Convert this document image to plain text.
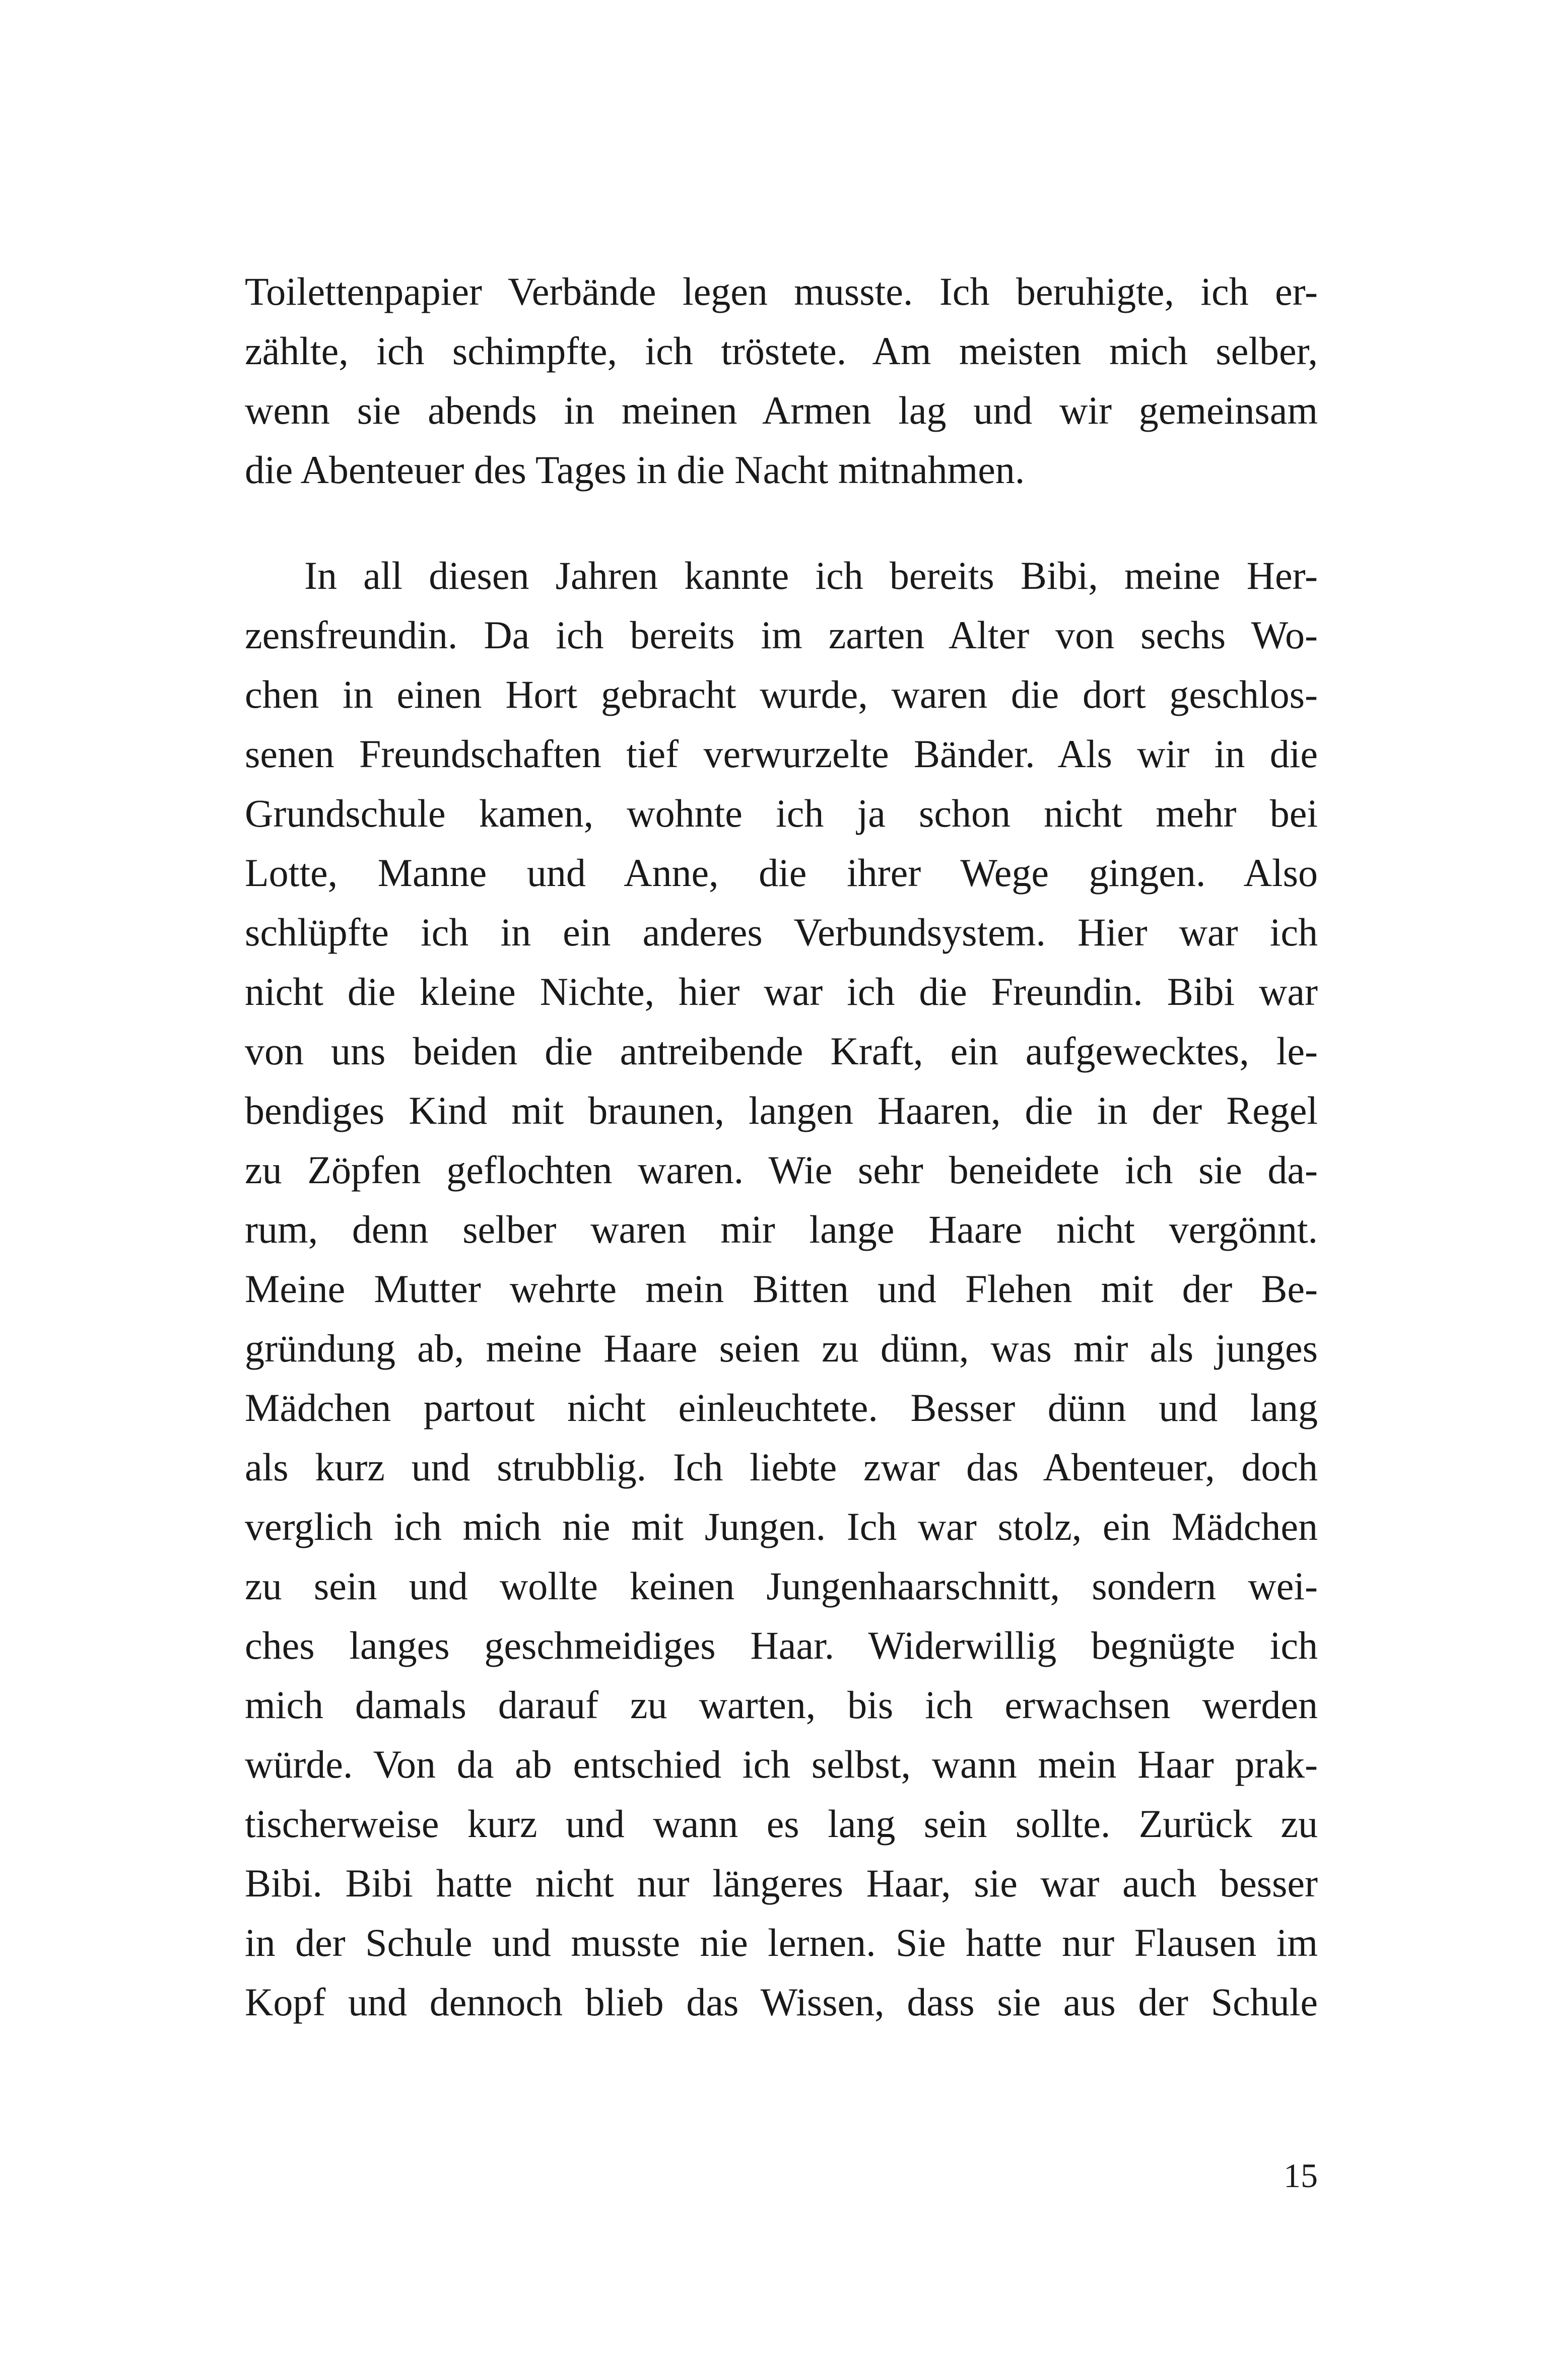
Toilettenpapier Verbände legen musste. Ich beruhigte, ich er-
zählte, ich schimpfte, ich tröstete. Am meisten mich selber,
wenn sie abends in meinen Armen lag und wir gemeinsam
die Abenteuer des Tages in die Nacht mitnahmen.
In all diesen Jahren kannte ich bereits Bibi, meine Her-
zensfreundin. Da ich bereits im zarten Alter von sechs Wo-
chen in einen Hort gebracht wurde, waren die dort geschlos-
senen Freundschaften tief verwurzelte Bänder. Als wir in die
Grundschule kamen, wohnte ich ja schon nicht mehr bei
Lotte, Manne und Anne, die ihrer Wege gingen. Also
schlüpfte ich in ein anderes Verbundsystem. Hier war ich
nicht die kleine Nichte, hier war ich die Freundin. Bibi war
von uns beiden die antreibende Kraft, ein aufgewecktes, le-
bendiges Kind mit braunen, langen Haaren, die in der Regel
zu Zöpfen geflochten waren. Wie sehr beneidete ich sie da-
rum, denn selber waren mir lange Haare nicht vergönnt.
Meine Mutter wehrte mein Bitten und Flehen mit der Be-
gründung ab, meine Haare seien zu dünn, was mir als junges
Mädchen partout nicht einleuchtete. Besser dünn und lang
als kurz und strubblig. Ich liebte zwar das Abenteuer, doch
verglich ich mich nie mit Jungen. Ich war stolz, ein Mädchen
zu sein und wollte keinen Jungenhaarschnitt, sondern wei-
ches langes geschmeidiges Haar. Widerwillig begnügte ich
mich damals darauf zu warten, bis ich erwachsen werden
würde. Von da ab entschied ich selbst, wann mein Haar prak-
tischerweise kurz und wann es lang sein sollte. Zurück zu
Bibi. Bibi hatte nicht nur längeres Haar, sie war auch besser
in der Schule und musste nie lernen. Sie hatte nur Flausen im
Kopf und dennoch blieb das Wissen, dass sie aus der Schule
15
